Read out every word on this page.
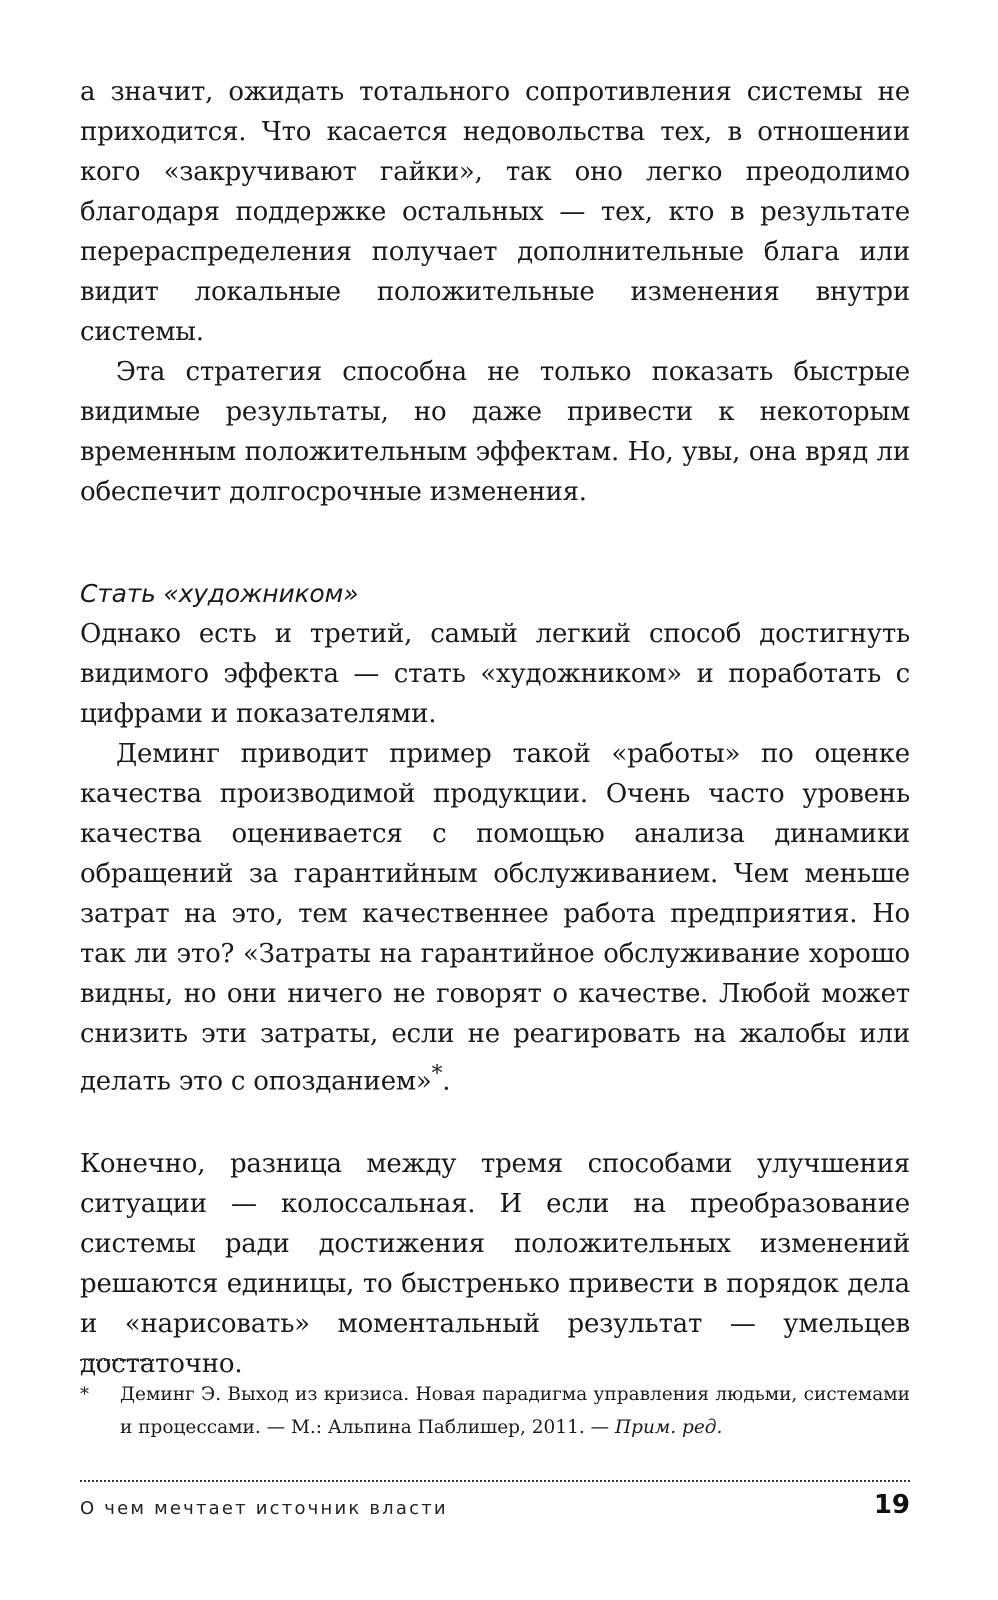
а значит, ожидать тотального сопротивления системы не приходится. Что касается недовольства тех, в отношении кого «закручивают гайки», так оно легко преодолимо благодаря поддержке остальных — тех, кто в результате перераспределения получает дополнительные блага или видит локальные положительные изменения внутри системы.

Эта стратегия способна не только показать быстрые видимые результаты, но даже привести к некоторым временным положительным эффектам. Но, увы, она вряд ли обеспечит долгосрочные изменения.

Стать «художником»

Однако есть и третий, самый легкий способ достигнуть видимого эффекта — стать «художником» и поработать с цифрами и показателями.

Деминг приводит пример такой «работы» по оценке качества производимой продукции. Очень часто уровень качества оценивается с помощью анализа динамики обращений за гарантийным обслуживанием. Чем меньше затрат на это, тем качественнее работа предприятия. Но так ли это? «Затраты на гарантийное обслуживание хорошо видны, но они ничего не говорят о качестве. Любой может снизить эти затраты, если не реагировать на жалобы или делать это с опозданием»*.

Конечно, разница между тремя способами улучшения ситуации — колоссальная. И если на преобразование системы ради достижения положительных изменений решаются единицы, то быстренько привести в порядок дела и «нарисовать» моментальный результат — умельцев достаточно.

*	Деминг Э. Выход из кризиса. Новая парадигма управления людьми, системами и процессами. — М.: Альпина Паблишер, 2011. — Прим. ред.
О чем мечтает источник власти	19
